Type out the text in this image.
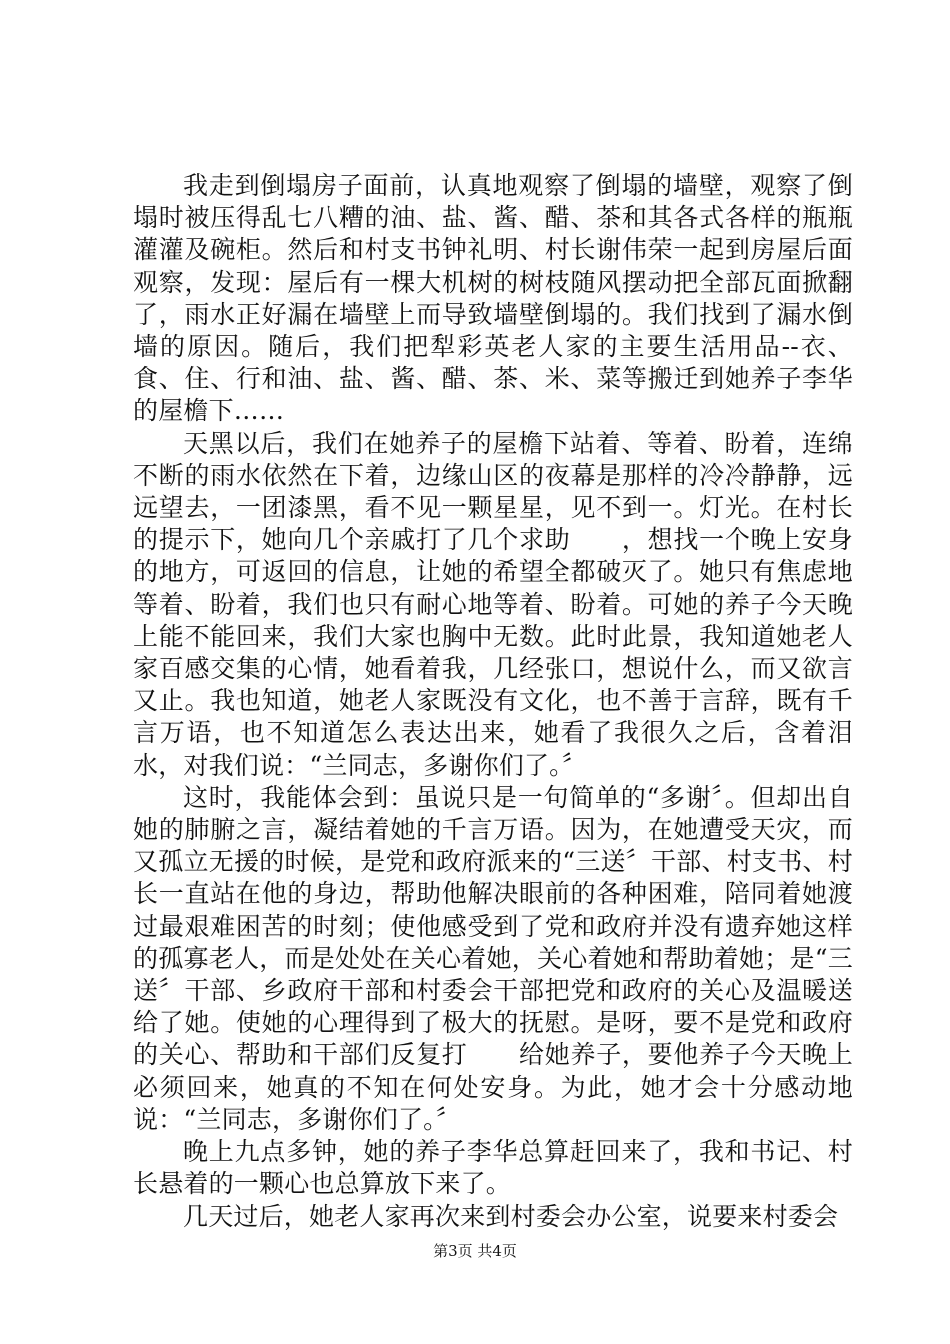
我走到倒塌房子面前，认真地观察了倒塌的墙壁，观察了倒塌时被压得乱七八糟的油、盐、酱、醋、茶和其各式各样的瓶瓶灌灌及碗柜。然后和村支书钟礼明、村长谢伟荣一起到房屋后面观察，发现：屋后有一棵大机树的树枝随风摆动把全部瓦面掀翻了，雨水正好漏在墙壁上而导致墙壁倒塌的。我们找到了漏水倒墙的原因。随后，我们把犁彩英老人家的主要生活用品--衣、食、住、行和油、盐、酱、醋、茶、米、菜等搬迁到她养子李华的屋檐下……

天黑以后，我们在她养子的屋檐下站着、等着、盼着，连绵不断的雨水依然在下着，边缘山区的夜幕是那样的冷冷静静，远远望去，一团漆黑，看不见一颗星星，见不到一。灯光。在村长的提示下，她向几个亲戚打了几个求助　　，想找一个晚上安身的地方，可返回的信息，让她的希望全都破灭了。她只有焦虑地等着、盼着，我们也只有耐心地等着、盼着。可她的养子今天晚上能不能回来，我们大家也胸中无数。此时此景，我知道她老人家百感交集的心情，她看着我，几经张口，想说什么，而又欲言又止。我也知道，她老人家既没有文化，也不善于言辞，既有千言万语，也不知道怎么表达出来，她看了我很久之后，含着泪水，对我们说：“兰同志，多谢你们了。〞

这时，我能体会到：虽说只是一句简单的“多谢〞。但却出自她的肺腑之言，凝结着她的千言万语。因为，在她遭受天灾，而又孤立无援的时候，是党和政府派来的“三送〞干部、村支书、村长一直站在他的身边，帮助他解决眼前的各种困难，陪同着她渡过最艰难困苦的时刻；使他感受到了党和政府并没有遗弃她这样的孤寡老人，而是处处在关心着她，关心着她和帮助着她；是“三送〞干部、乡政府干部和村委会干部把党和政府的关心及温暖送给了她。使她的心理得到了极大的抚慰。是呀，要不是党和政府的关心、帮助和干部们反复打　　给她养子，要他养子今天晚上必须回来，她真的不知在何处安身。为此，她才会十分感动地说：“兰同志，多谢你们了。〞

晚上九点多钟，她的养子李华总算赶回来了，我和书记、村长悬着的一颗心也总算放下来了。

几天过后，她老人家再次来到村委会办公室，说要来村委会

第3页 共4页
